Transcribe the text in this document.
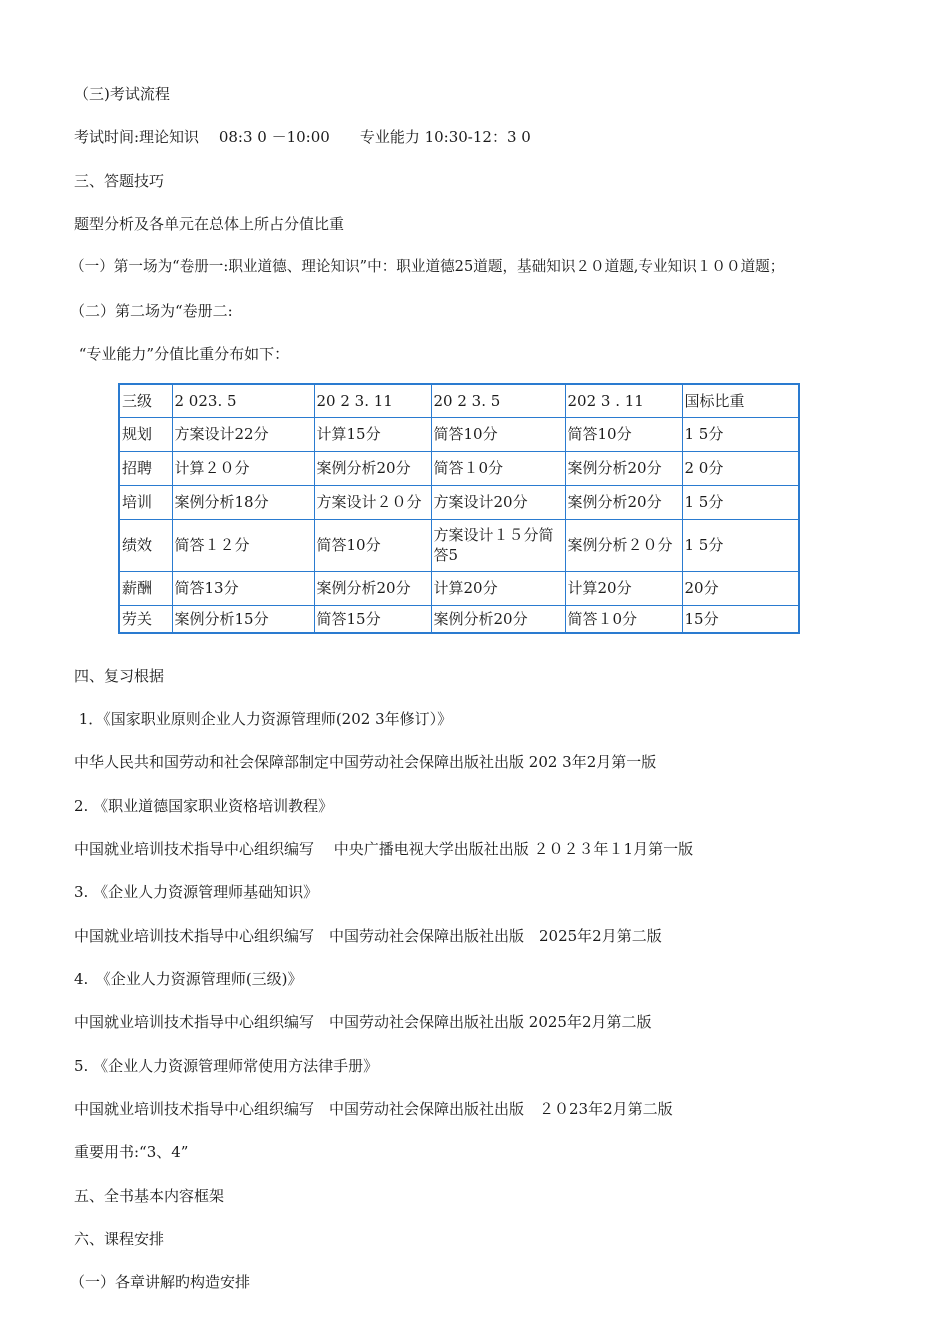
（三)考试流程
考试时间:理论知识　 08:3 0 －10:00　　专业能力 10:30-12：3 0
三、答题技巧
题型分析及各单元在总体上所占分值比重
（一）第一场为“卷册一:职业道德、理论知识”中：职业道德25道题，基础知识２０道题,专业知识１００道题；
（二）第二场为“卷册二:
“专业能力”分值比重分布如下：
三级	2 023. 5	20 2 3. 11	20 2 3. 5	202 3 . 11	国标比重
规划	方案设计22分	计算15分	简答10分	简答10分	1 5分
招聘	计算２０分	案例分析20分	简答１0分	案例分析20分	2 0分
培训	案例分析18分	方案设计２０分	方案设计20分	案例分析20分	1 5分
绩效	简答１２分	简答10分	方案设计１５分简答5	案例分析２０分	1 5分
薪酬	简答13分	案例分析20分	计算20分	计算20分	20分
劳关	案例分析15分	简答15分	案例分析20分	简答１0分	15分
四、复习根据
1．《国家职业原则企业人力资源管理师(202 3年修订）》
中华人民共和国劳动和社会保障部制定中国劳动社会保障出版社出版 202 3年2月第一版
2. 《职业道德国家职业资格培训教程》
中国就业培训技术指导中心组织编写　 中央广播电视大学出版社出版 ２０２３年１1月第一版
3. 《企业人力资源管理师基础知识》
中国就业培训技术指导中心组织编写　中国劳动社会保障出版社出版　2025年2月第二版
4.　《企业人力资源管理师(三级)》
中国就业培训技术指导中心组织编写　中国劳动社会保障出版社出版 2025年2月第二版
5. 《企业人力资源管理师常使用方法律手册》
中国就业培训技术指导中心组织编写　中国劳动社会保障出版社出版　２０23年2月第二版
重要用书:“3、4”
五、全书基本内容框架
六、课程安排
（一）各章讲解旳构造安排
